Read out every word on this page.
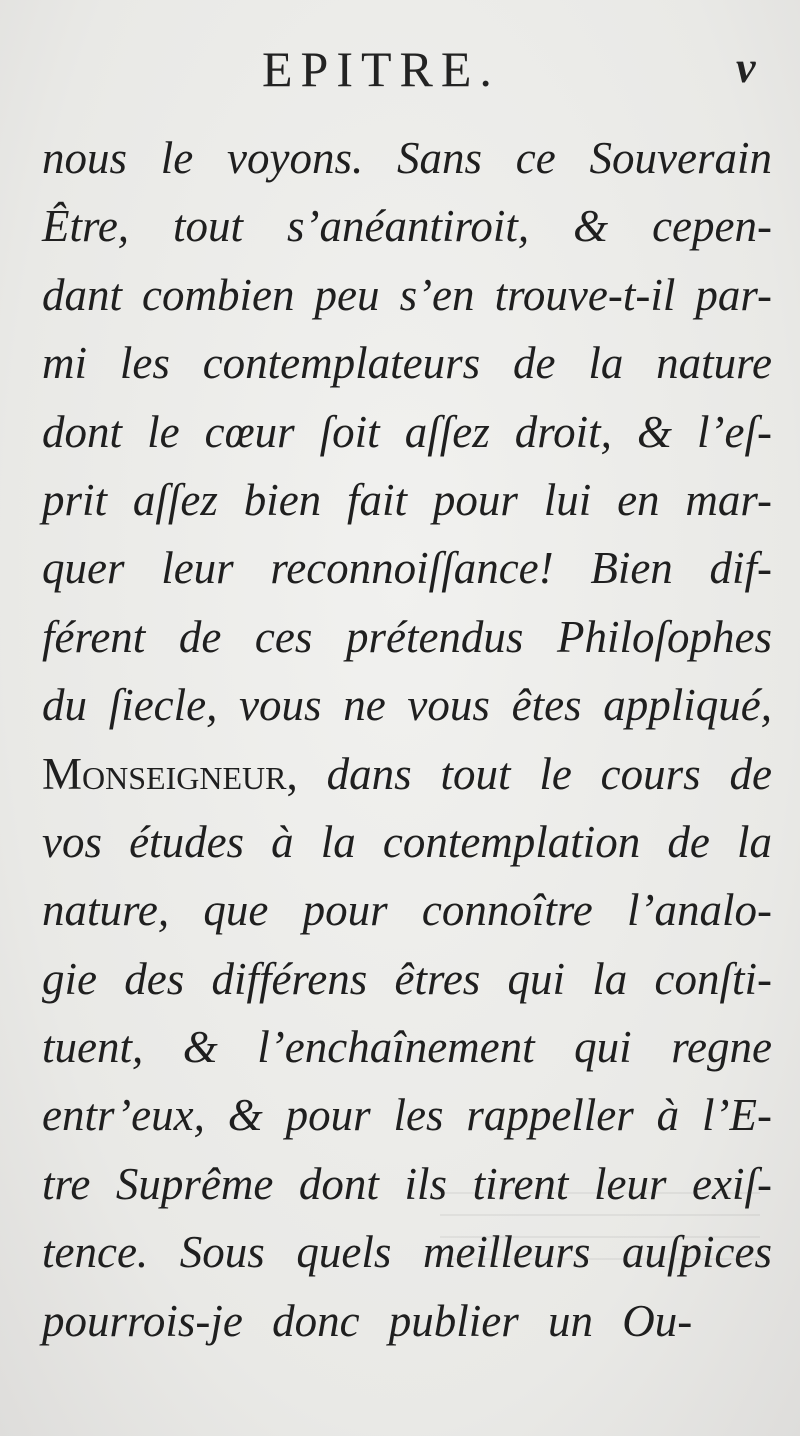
EPITRE.	v
nous le voyons. Sans ce Souverain
Être, tout s’anéantiroit, & cepen-
dant combien peu s’en trouve-t-il par-
mi les contemplateurs de la nature
dont le cœur ſoit aſſez droit, & l’eſ-
prit aſſez bien fait pour lui en mar-
quer leur reconnoiſſance! Bien dif-
férent de ces prétendus Philoſophes
du ſiecle, vous ne vous êtes appliqué,
Monseigneur, dans tout le cours de
vos études à la contemplation de la
nature, que pour connoître l’analo-
gie des différens êtres qui la conſti-
tuent, & l’enchaînement qui regne
entr’eux, & pour les rappeller à l’E-
tre Suprême dont ils tirent leur exiſ-
tence. Sous quels meilleurs auſpices
pourrois-je donc publier un Ou-
